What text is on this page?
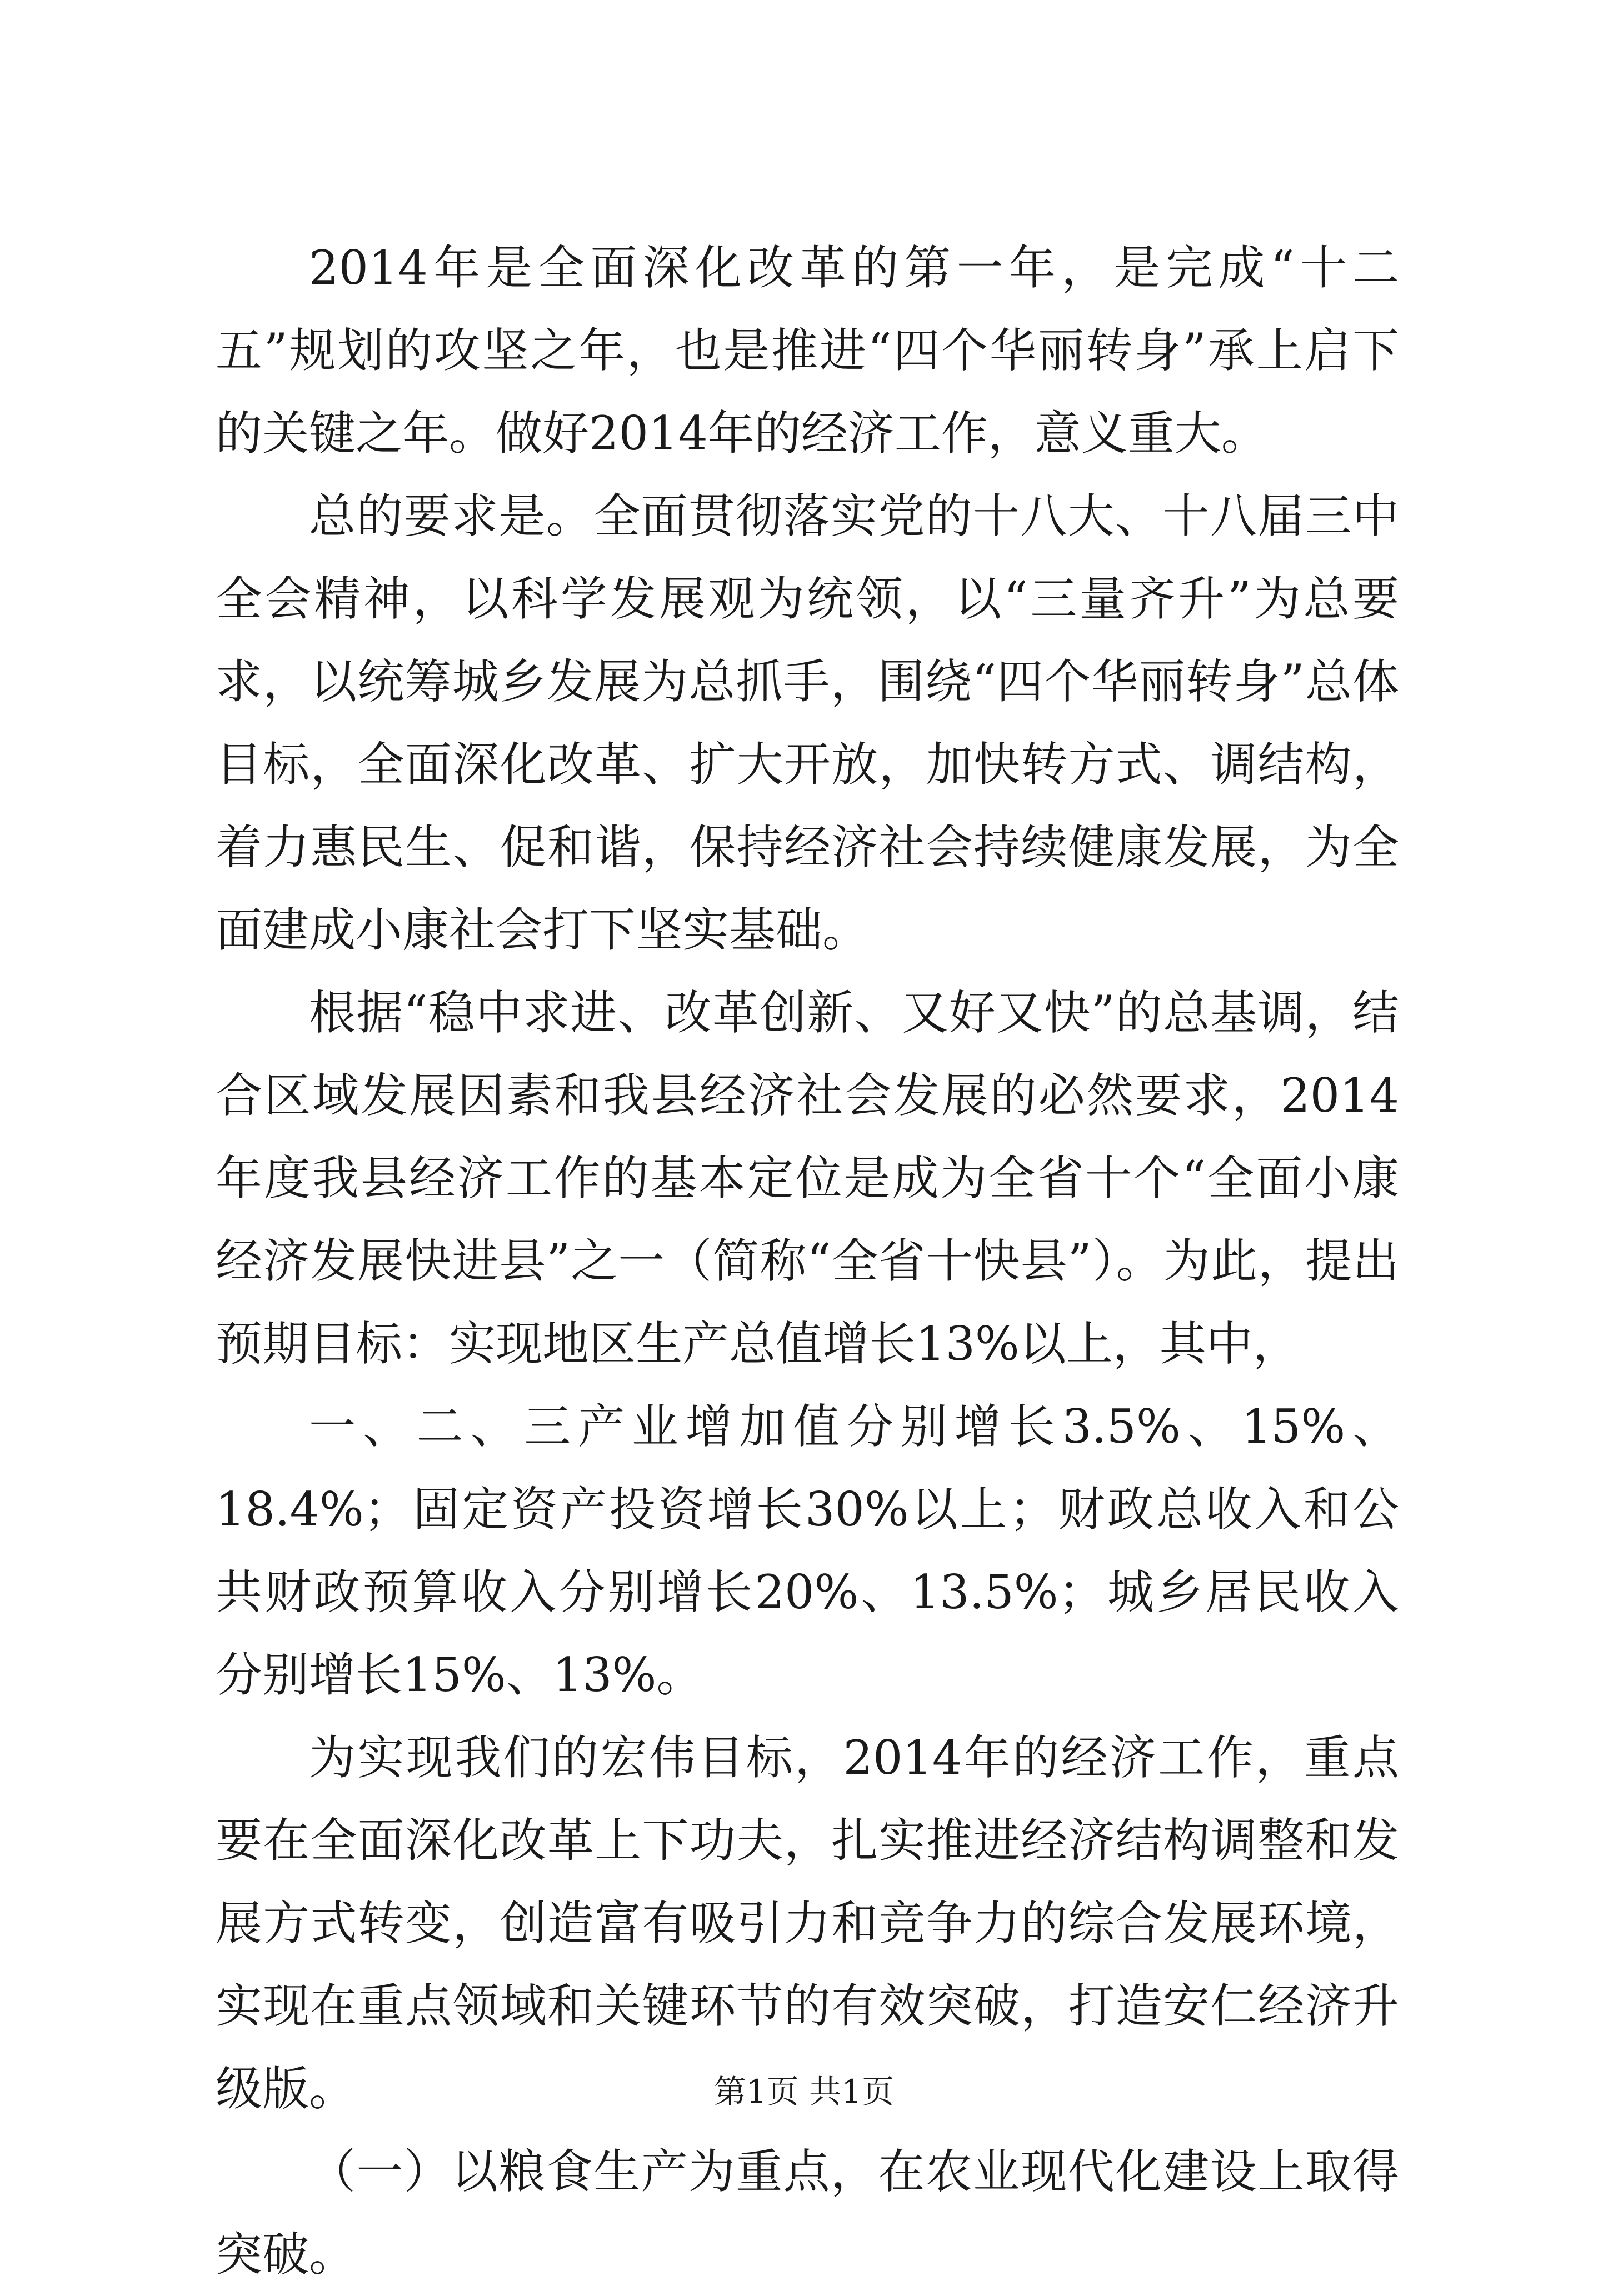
2014年是全面深化改革的第一年，是完成“十二五”规划的攻坚之年，也是推进“四个华丽转身”承上启下的关键之年。做好2014年的经济工作，意义重大。

总的要求是。全面贯彻落实党的十八大、十八届三中全会精神，以科学发展观为统领，以“三量齐升”为总要求，以统筹城乡发展为总抓手，围绕“四个华丽转身”总体目标，全面深化改革、扩大开放，加快转方式、调结构，着力惠民生、促和谐，保持经济社会持续健康发展，为全面建成小康社会打下坚实基础。

根据“稳中求进、改革创新、又好又快”的总基调，结合区域发展因素和我县经济社会发展的必然要求，2014年度我县经济工作的基本定位是成为全省十个“全面小康经济发展快进县”之一（简称“全省十快县”）。为此，提出预期目标：实现地区生产总值增长13%以上，其中，

一、二、三产业增加值分别增长3.5%、15%、18.4%；固定资产投资增长30%以上；财政总收入和公共财政预算收入分别增长20%、13.5%；城乡居民收入分别增长15%、13%。

为实现我们的宏伟目标，2014年的经济工作，重点要在全面深化改革上下功夫，扎实推进经济结构调整和发展方式转变，创造富有吸引力和竞争力的综合发展环境，实现在重点领域和关键环节的有效突破，打造安仁经济升级版。

（一）以粮食生产为重点，在农业现代化建设上取得突破。

第1页 共1页
